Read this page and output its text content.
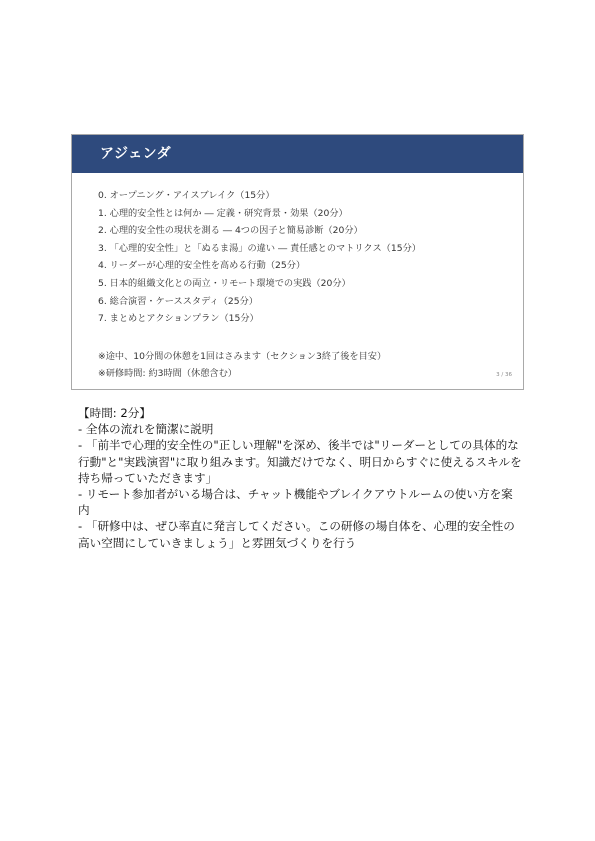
アジェンダ
0. オープニング・アイスブレイク（15分）
1. 心理的安全性とは何か ― 定義・研究背景・効果（20分）
2. 心理的安全性の現状を測る ― 4つの因子と簡易診断（20分）
3. 「心理的安全性」と「ぬるま湯」の違い ― 責任感とのマトリクス（15分）
4. リーダーが心理的安全性を高める行動（25分）
5. 日本的組織文化との両立・リモート環境での実践（20分）
6. 総合演習・ケーススタディ（25分）
7. まとめとアクションプラン（15分）
※途中、10分間の休憩を1回はさみます（セクション3終了後を目安）
※研修時間: 約3時間（休憩含む）	3 / 36

【時間: 2分】

- 全体の流れを簡潔に説明

- 「前半で心理的安全性の"正しい理解"を深め、後半では"リーダーとしての具体的な行動"と"実践演習"に取り組みます。知識だけでなく、明日からすぐに使えるスキルを持ち帰っていただきます」

- リモート参加者がいる場合は、チャット機能やブレイクアウトルームの使い方を案内

- 「研修中は、ぜひ率直に発言してください。この研修の場自体を、心理的安全性の高い空間にしていきましょう」と雰囲気づくりを行う
